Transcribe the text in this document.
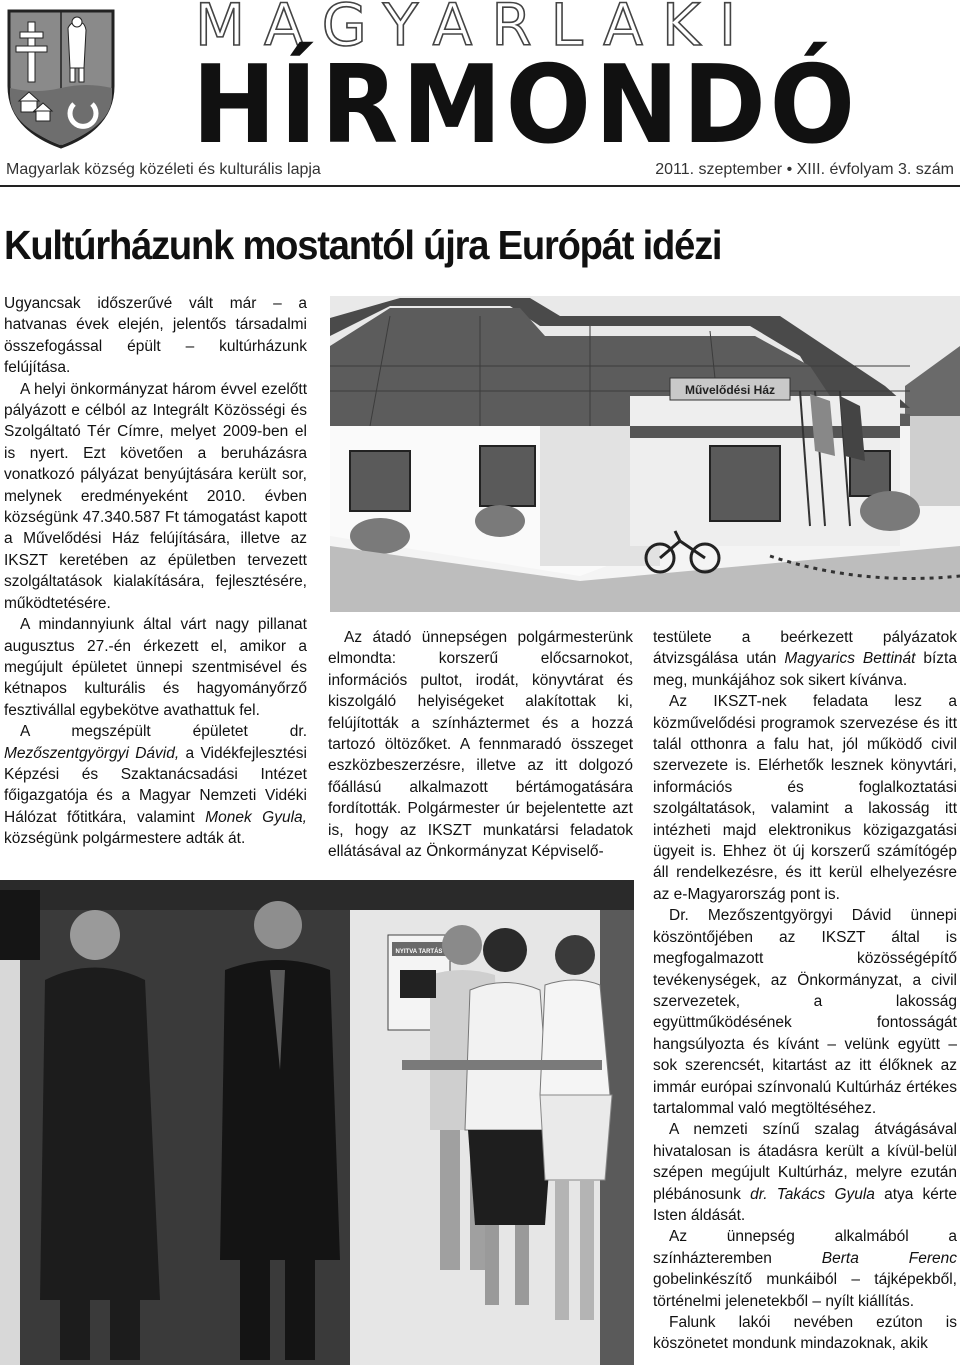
MAGYARLAKI
HÍRMONDÓ
Magyarlak község közéleti és kulturális lapja	2011. szeptember • XIII. évfolyam 3. szám
Kultúrházunk mostantól újra Európát idézi

Ugyancsak időszerűvé vált már – a hatvanas évek elején, jelentős társadalmi összefogással épült – kultúrházunk felújítása.

A helyi önkormányzat három évvel ezelőtt pályázott e célból az Integrált Közösségi és Szolgáltató Tér Címre, melyet 2009-ben el is nyert. Ezt követően a beruházásra vonatkozó pályázat benyújtására került sor, melynek eredményeként 2010. évben községünk 47.340.587 Ft támogatást kapott a Művelődési Ház felújítására, illetve az IKSZT keretében az épületben tervezett szolgáltatások kialakítására, fejlesztésére, működtetésére.

A mindannyiunk által várt nagy pillanat augusztus 27.-én érkezett el, amikor a megújult épületet ünnepi szentmisével és kétnapos kulturális és hagyományőrző fesztivállal egybekötve avathattuk fel.

A megszépült épületet dr. Mezőszentgyörgyi Dávid, a Vidékfejlesztési Képzési és Szaktanácsadási Intézet főigazgatója és a Magyar Nemzeti Vidéki Hálózat főtitkára, valamint Monek Gyula, községünk polgármestere adták át.

Művelődési Ház

Az átadó ünnepségen polgármesterünk elmondta: korszerű előcsarnokot, információs pultot, irodát, könyvtárat és kiszolgáló helyiségeket alakítottak ki, felújították a színháztermet és a hozzá tartozó öltözőket. A fennmaradó összeget eszközbeszerzésre, illetve az itt dolgozó főállású alkalmazott bértámogatására fordították. Polgármester úr bejelentette azt is, hogy az IKSZT munkatársi feladatok ellátásával az Önkormányzat Képviselő-

testülete a beérkezett pályázatok átvizsgálása után Magyarics Bettinát bízta meg, munkájához sok sikert kívánva.

Az IKSZT-nek feladata lesz a közművelődési programok szervezése és itt talál otthonra a falu hat, jól működő civil szervezete is. Elérhetők lesznek könyvtári, információs és foglalkoztatási szolgáltatások, valamint a lakosság itt intézheti majd elektronikus közigazgatási ügyeit is. Ehhez öt új korszerű számítógép áll rendelkezésre, és itt kerül elhelyezésre az e-Magyarország pont is.

Dr. Mezőszentgyörgyi Dávid ünnepi köszöntőjében az IKSZT által is megfogalmazott közösségépítő tevékenységek, az Önkormányzat, a civil szervezetek, a lakosság együttműködésének fontosságát hangsúlyozta és kívánt – velünk együtt – sok szerencsét, kitartást az itt élőknek az immár európai színvonalú Kultúrház értékes tartalommal való megtöltéséhez.

A nemzeti színű szalag átvágásával hivatalosan is átadásra került a kívül-belül szépen megújult Kultúrház, melyre ezután plébánosunk dr. Takács Gyula atya kérte Isten áldását.

Az ünnepség alkalmából a színházteremben Berta Ferenc gobelinkészítő munkáiból – tájképekből, történelmi jelenetekből – nyílt kiállítás.

Falunk lakói nevében ezúton is köszönetet mondunk mindazoknak, akik

NYITVA TARTÁS
